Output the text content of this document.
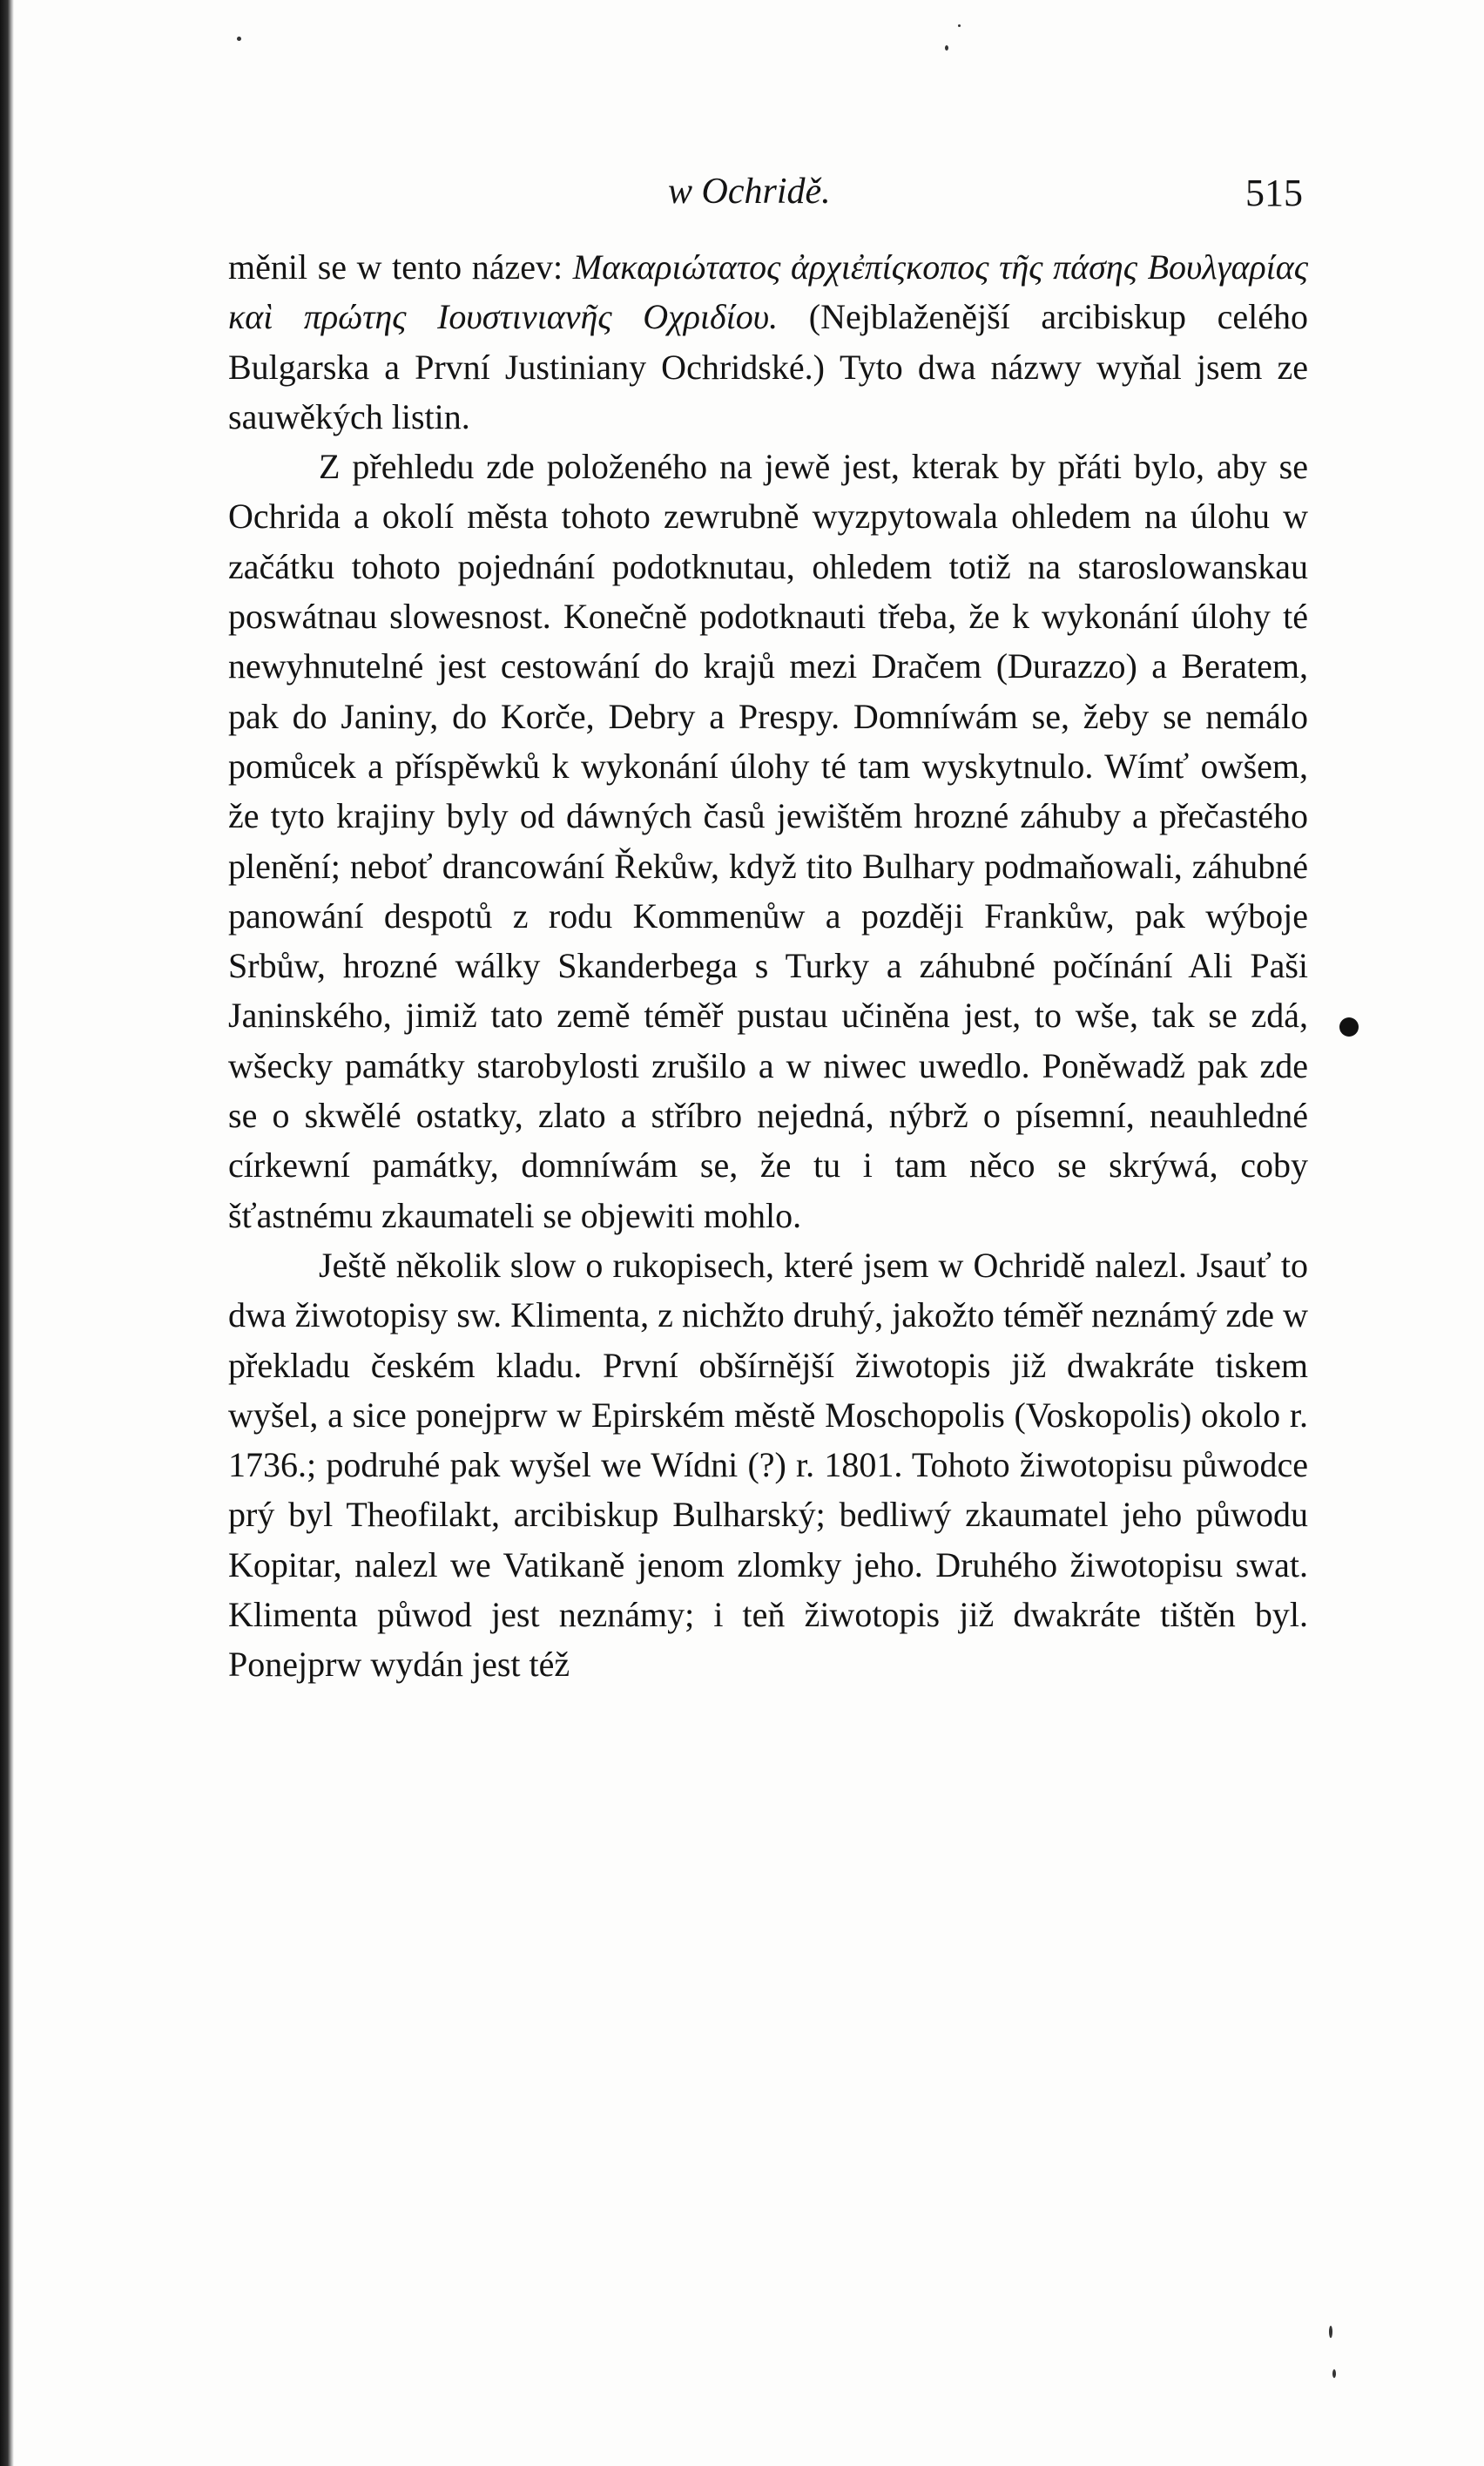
w Ochridě.	515

měnil se w tento název: Μακαριώτατος ἀρχιἐπίςκοπος τῆς πάσης Βουλγαρίας καὶ πρώτης Ιουστινιανῆς Οχριδίου. (Nejblaženější arcibiskup celého Bulgarska a První Justiniany Ochridské.) Tyto dwa názwy wyňal jsem ze sauwěkých listin.

Z přehledu zde položeného na jewě jest, kterak by přáti bylo, aby se Ochrida a okolí města tohoto zewrubně wyzpytowala ohledem na úlohu w začátku tohoto pojednání podotknutau, ohledem totiž na staroslowanskau poswátnau slowesnost. Konečně podotknauti třeba, že k wykonání úlohy té newyhnutelné jest cestowání do krajů mezi Dračem (Durazzo) a Beratem, pak do Janiny, do Korče, Debry a Prespy. Domníwám se, žeby se nemálo pomůcek a příspěwků k wykonání úlohy té tam wyskytnulo. Wímť owšem, že tyto krajiny byly od dáwných časů jewištěm hrozné záhuby a přečastého plenění; neboť drancowání Řekůw, když tito Bulhary podmaňowali, záhubné panowání despotů z rodu Kommenůw a později Frankůw, pak wýboje Srbůw, hrozné wálky Skanderbega s Turky a záhubné počínání Ali Paši Janinského, jimiž tato země téměř pustau učiněna jest, to wše, tak se zdá, wšecky památky starobylosti zrušilo a w niwec uwedlo. Poněwadž pak zde se o skwělé ostatky, zlato a stříbro nejedná, nýbrž o písemní, neauhledné církewní památky, domníwám se, že tu i tam něco se skrýwá, coby šťastnému zkaumateli se objewiti mohlo.

Ještě několik slow o rukopisech, které jsem w Ochridě nalezl. Jsauť to dwa žiwotopisy sw. Klimenta, z nichžto druhý, jakožto téměř neznámý zde w překladu českém kladu. První obšírnější žiwotopis již dwakráte tiskem wyšel, a sice ponejprw w Epirském městě Moschopolis (Voskopolis) okolo r. 1736.; podruhé pak wyšel we Wídni (?) r. 1801. Tohoto žiwotopisu půwodce prý byl Theofilakt, arcibiskup Bulharský; bedliwý zkaumatel jeho půwodu Kopitar, nalezl we Vatikaně jenom zlomky jeho. Druhého žiwotopisu swat. Klimenta půwod jest neznámy; i teň žiwotopis již dwakráte tištěn byl. Ponejprw wydán jest též
